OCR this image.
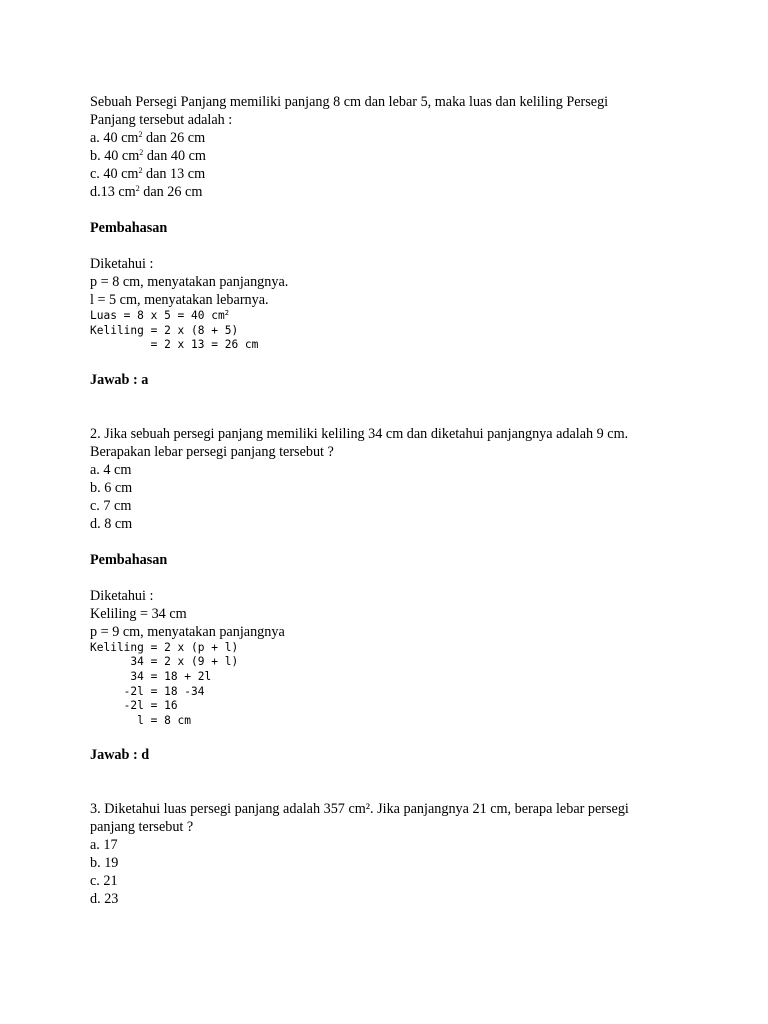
Sebuah Persegi Panjang memiliki panjang 8 cm dan lebar 5, maka luas dan keliling Persegi

Panjang tersebut adalah :

a. 40 $cm^2$ dan 26 cm

b. 40 $cm^2$ dan 40 cm

c. 40 $cm^2$ dan 13 cm

d.13 $cm^2$ dan 26 cm

Pembahasan

Diketahui :

p = 8 cm, menyatakan panjangnya.

l = 5 cm, menyatakan lebarnya.

Luas = 8 x 5 = 40 $cm^2$

Keliling = 2 x (8 + 5)

= 2 x 13 = 26 cm

Jawab : a

2. Jika sebuah persegi panjang memiliki keliling 34 cm dan diketahui panjangnya adalah 9 cm.

Berapakan lebar persegi panjang tersebut ?

a. 4 cm

b. 6 cm

c. 7 cm

d. 8 cm

Pembahasan

Diketahui :

Keliling = 34 cm

p = 9 cm, menyatakan panjangnya

Keliling = 2 x (p + l)

34 = 2 x (9 + l)

34 = 18 + 2l

-2l = 18 -34

-2l = 16

l = 8 cm

Jawab : d

3. Diketahui luas persegi panjang adalah 357 cm². Jika panjangnya 21 cm, berapa lebar persegi

panjang tersebut ?

a. 17

b. 19

c. 21

d. 23
